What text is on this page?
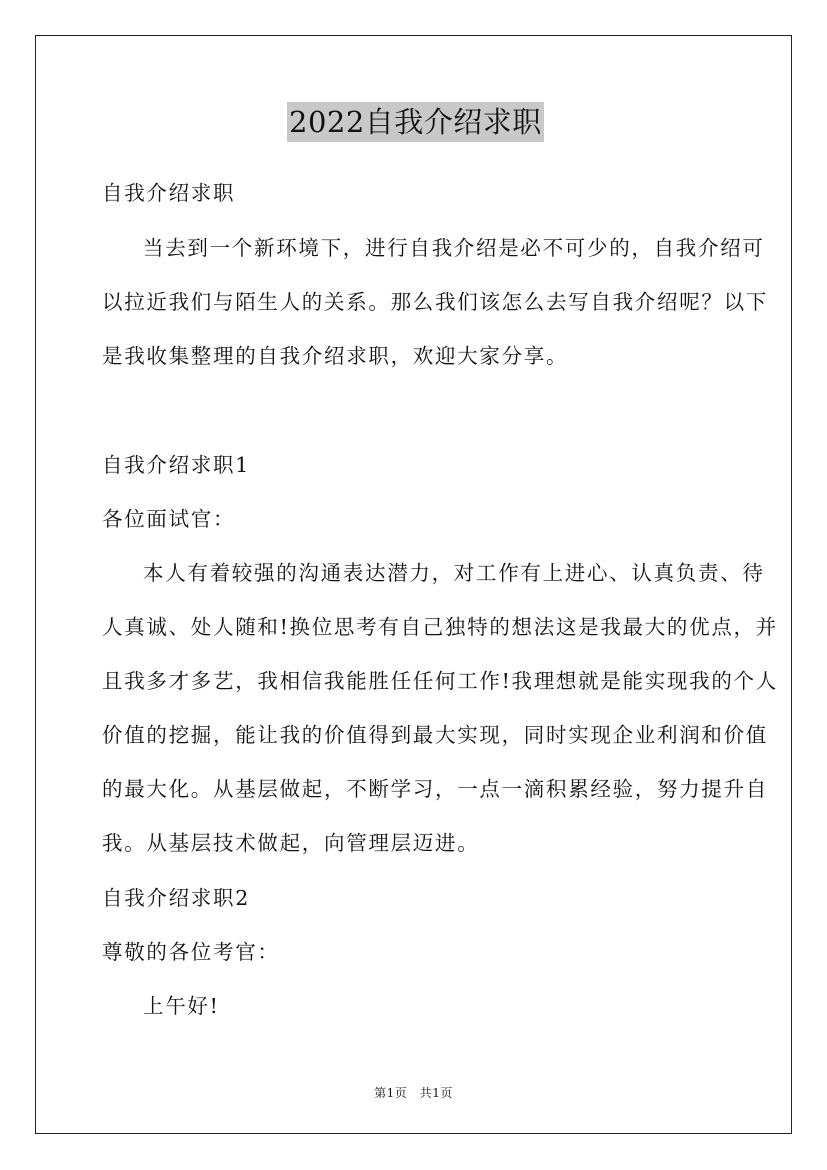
2022自我介绍求职
自我介绍求职
当去到一个新环境下，进行自我介绍是必不可少的，自我介绍可
以拉近我们与陌生人的关系。那么我们该怎么去写自我介绍呢？以下
是我收集整理的自我介绍求职，欢迎大家分享。
自我介绍求职1
各位面试官：
本人有着较强的沟通表达潜力，对工作有上进心、认真负责、待
人真诚、处人随和!换位思考有自己独特的想法这是我最大的优点，并
且我多才多艺，我相信我能胜任任何工作!我理想就是能实现我的个人
价值的挖掘，能让我的价值得到最大实现，同时实现企业利润和价值
的最大化。从基层做起，不断学习，一点一滴积累经验，努力提升自
我。从基层技术做起，向管理层迈进。
自我介绍求职2
尊敬的各位考官：
上午好!
第1页　共1页
